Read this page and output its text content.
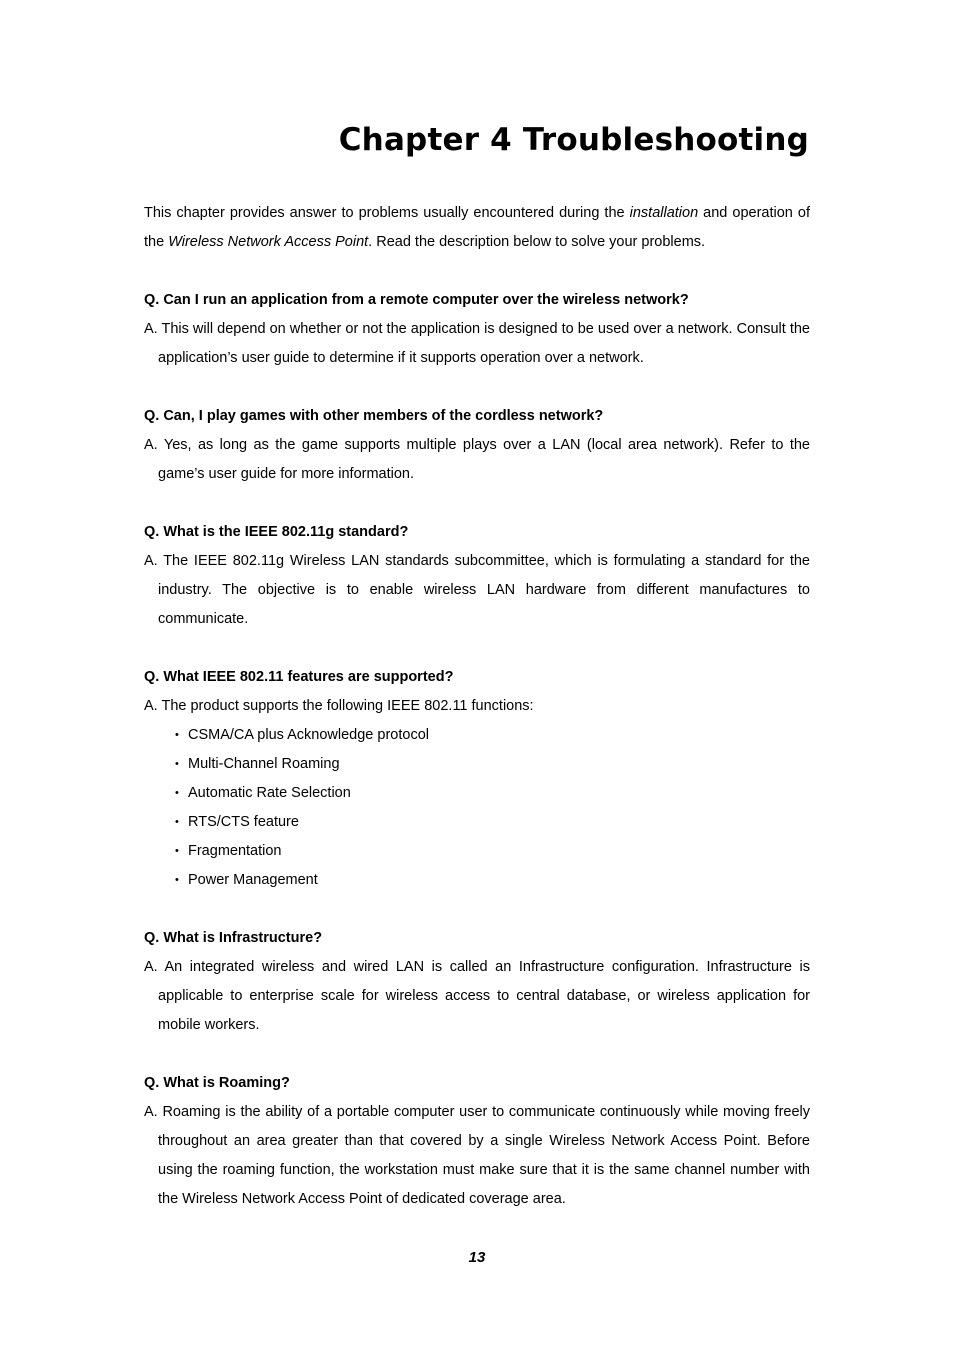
Chapter 4 Troubleshooting

This chapter provides answer to problems usually encountered during the installation and operation of the Wireless Network Access Point. Read the description below to solve your problems.

Q. Can I run an application from a remote computer over the wireless network?

A. This will depend on whether or not the application is designed to be used over a network. Consult the application’s user guide to determine if it supports operation over a network.

Q. Can, I play games with other members of the cordless network?

A. Yes, as long as the game supports multiple plays over a LAN (local area network). Refer to the game’s user guide for more information.

Q. What is the IEEE 802.11g standard?

A. The IEEE 802.11g Wireless LAN standards subcommittee, which is formulating a standard for the industry. The objective is to enable wireless LAN hardware from different manufactures to communicate.

Q. What IEEE 802.11 features are supported?

A. The product supports the following IEEE 802.11 functions:

• CSMA/CA plus Acknowledge protocol
• Multi-Channel Roaming
• Automatic Rate Selection
• RTS/CTS feature
• Fragmentation
• Power Management

Q. What is Infrastructure?

A. An integrated wireless and wired LAN is called an Infrastructure configuration. Infrastructure is applicable to enterprise scale for wireless access to central database, or wireless application for mobile workers.

Q. What is Roaming?

A. Roaming is the ability of a portable computer user to communicate continuously while moving freely throughout an area greater than that covered by a single Wireless Network Access Point. Before using the roaming function, the workstation must make sure that it is the same channel number with the Wireless Network Access Point of dedicated coverage area.

13
